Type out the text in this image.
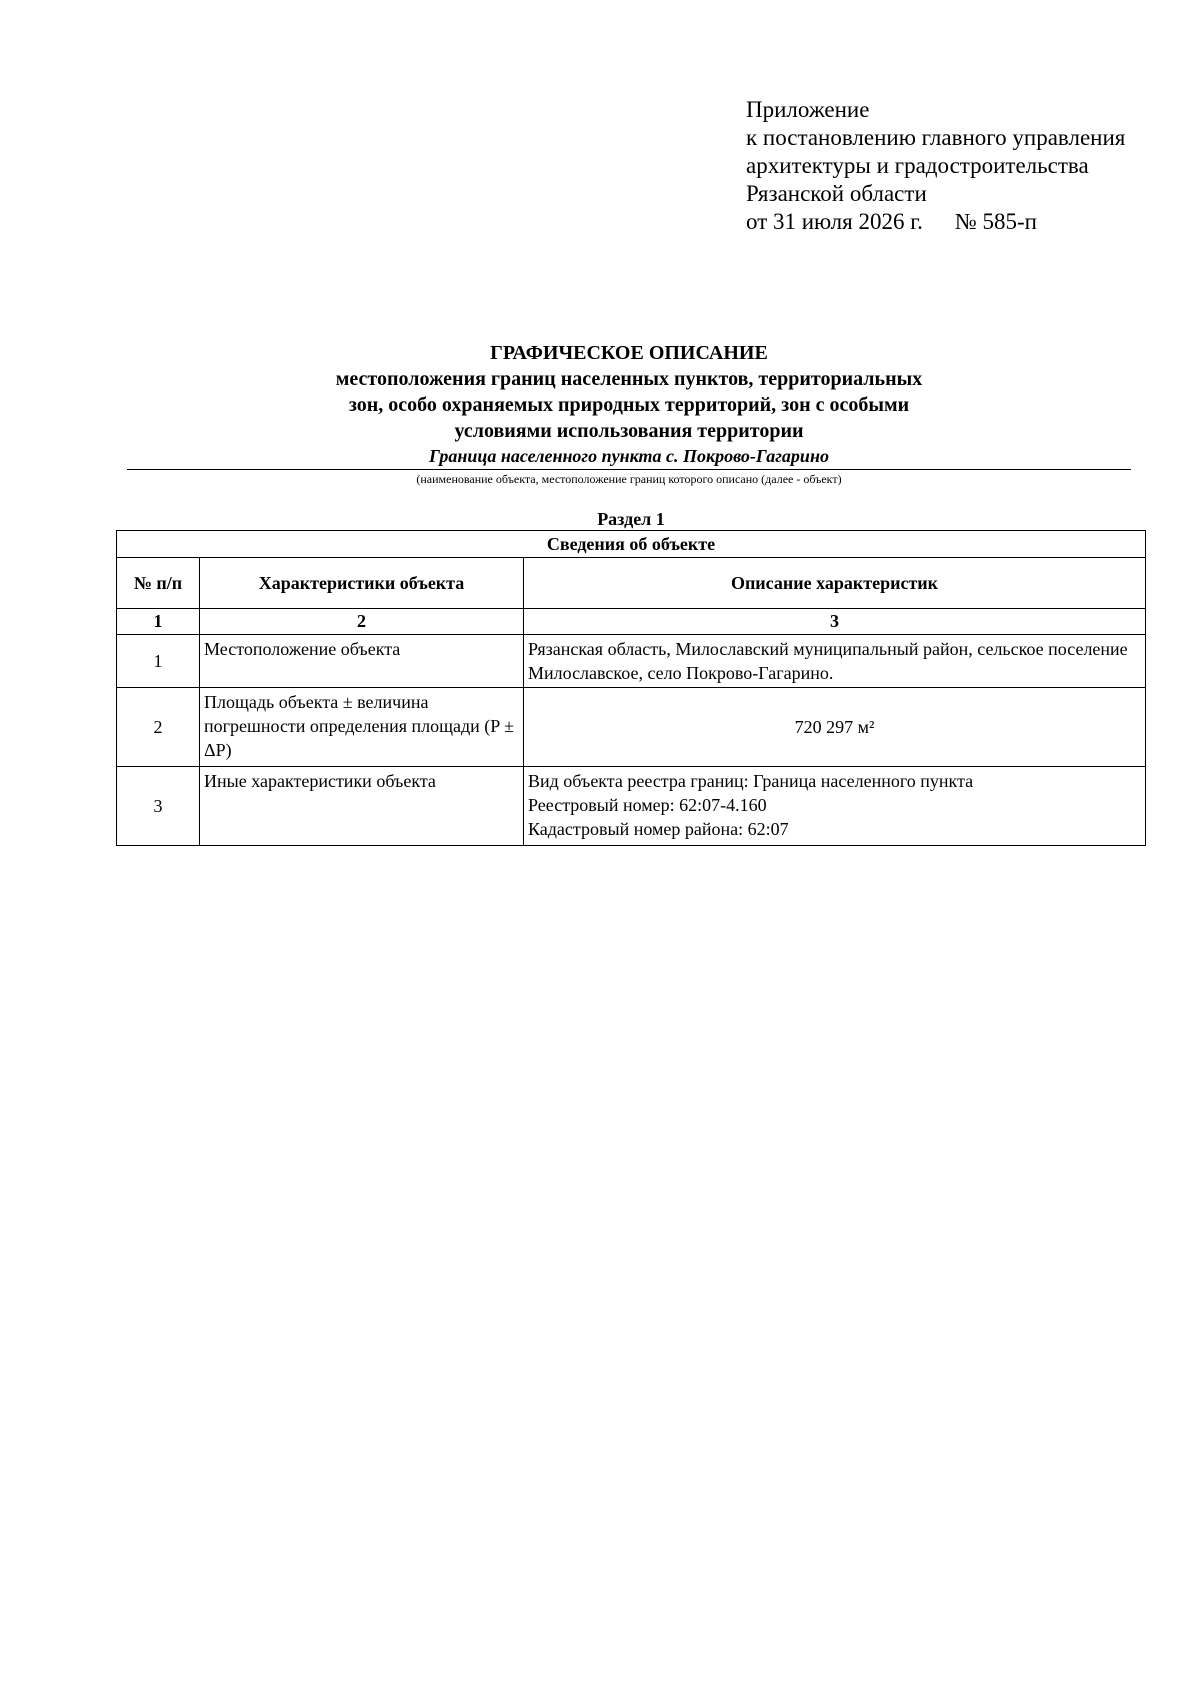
Приложение
к постановлению главного управления
архитектуры и градостроительства
Рязанской области
от 31 июля 2026 г. № 585-п
ГРАФИЧЕСКОЕ ОПИСАНИЕ
местоположения границ населенных пунктов, территориальных
зон, особо охраняемых природных территорий, зон с особыми
условиями использования территории
Граница населенного пункта с. Покрово-Гагарино
(наименование объекта, местоположение границ которого описано (далее - объект)
Раздел 1
Сведения об объекте		
№ п/п	Характеристики объекта	Описание характеристик
1	2	3
1	Местоположение объекта	Рязанская область, Милославский муниципальный район, сельское поселение Милославское, село Покрово-Гагарино.
2	Площадь объекта ± величина погрешности определения площади (P ± ΔP)	720 297 м²
3	Иные характеристики объекта	Вид объекта реестра границ: Граница населенного пункта
Реестровый номер: 62:07-4.160
Кадастровый номер района: 62:07
